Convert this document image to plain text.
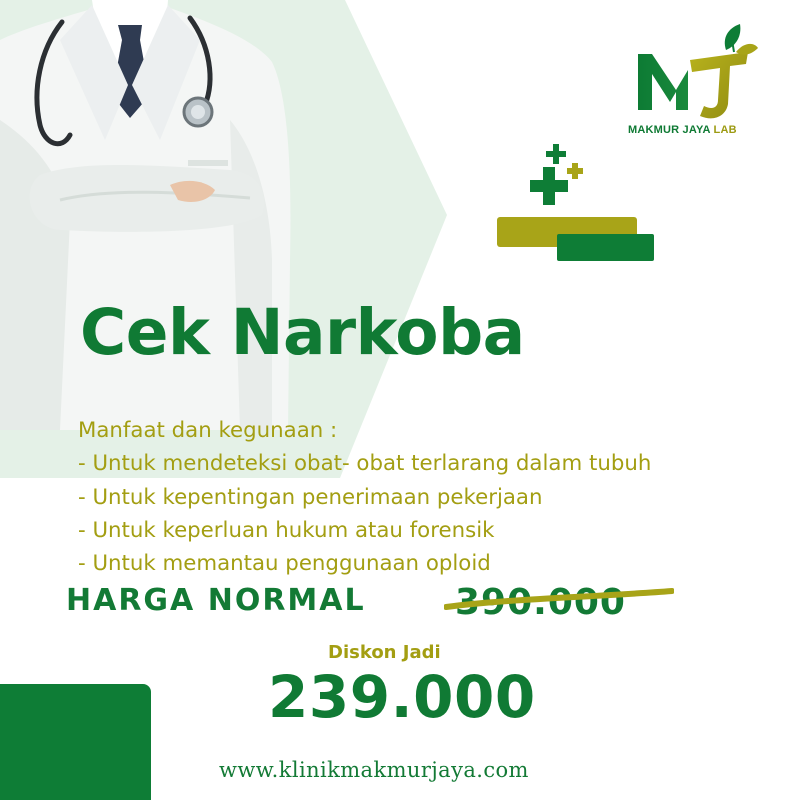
MAKMUR JAYA LAB
Cek Narkoba
Manfaat dan kegunaan :
- Untuk mendeteksi obat- obat terlarang dalam tubuh
- Untuk kepentingan penerimaan pekerjaan
- Untuk keperluan hukum atau forensik
- Untuk memantau penggunaan oploid
HARGA NORMAL 390.000
Diskon Jadi
239.000
www.klinikmakmurjaya.com
